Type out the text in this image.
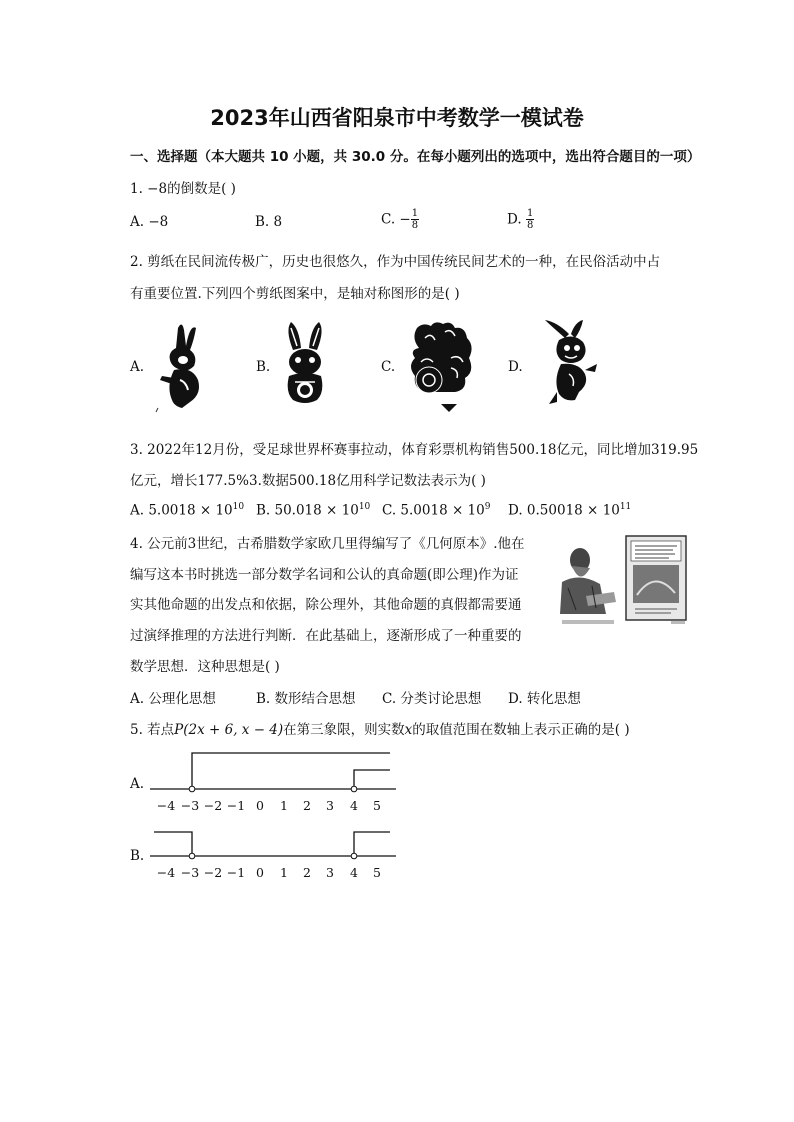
2023年山西省阳泉市中考数学一模试卷
一、选择题（本大题共 10 小题，共 30.0 分。在每小题列出的选项中，选出符合题目的一项）
1. −8的倒数是( )
A. −8	B. 8	C. − $\frac{1}{8}$	D. $\frac{1}{8}$
2. 剪纸在民间流传极广，历史也很悠久，作为中国传统民间艺术的一种，在民俗活动中占
有重要位置.下列四个剪纸图案中，是轴对称图形的是( )
A.	B.	C.	D.
3. 2022年12月份，受足球世界杯赛事拉动，体育彩票机构销售500.18亿元，同比增加319.95
亿元，增长177.5%3.数据500.18亿用科学记数法表示为( )
A. $5.0018 \times 10^{10}$ B. $50.018 \times 10^{10}$ C. $5.0018 \times 10^9$ D. $0.50018 \times 10^{11}$
4. 公元前3世纪，古希腊数学家欧几里得编写了《几何原本》.他在
编写这本书时挑选一部分数学名词和公认的真命题(即公理)作为证
实其他命题的出发点和依据，除公理外，其他命题的真假都需要通
过演绎推理的方法进行判断．在此基础上，逐渐形成了一种重要的
数学思想．这种思想是( )
A. 公理化思想	B. 数形结合思想 C. 分类讨论思想 D. 转化思想
5. 若点P(2x + 6, x − 4)在第三象限，则实数x的取值范围在数轴上表示正确的是( )
A.
−4 −3 −2 −1 0 1 2 3 4 5
B.
−4 −3 −2 −1 0 1 2 3 4 5
